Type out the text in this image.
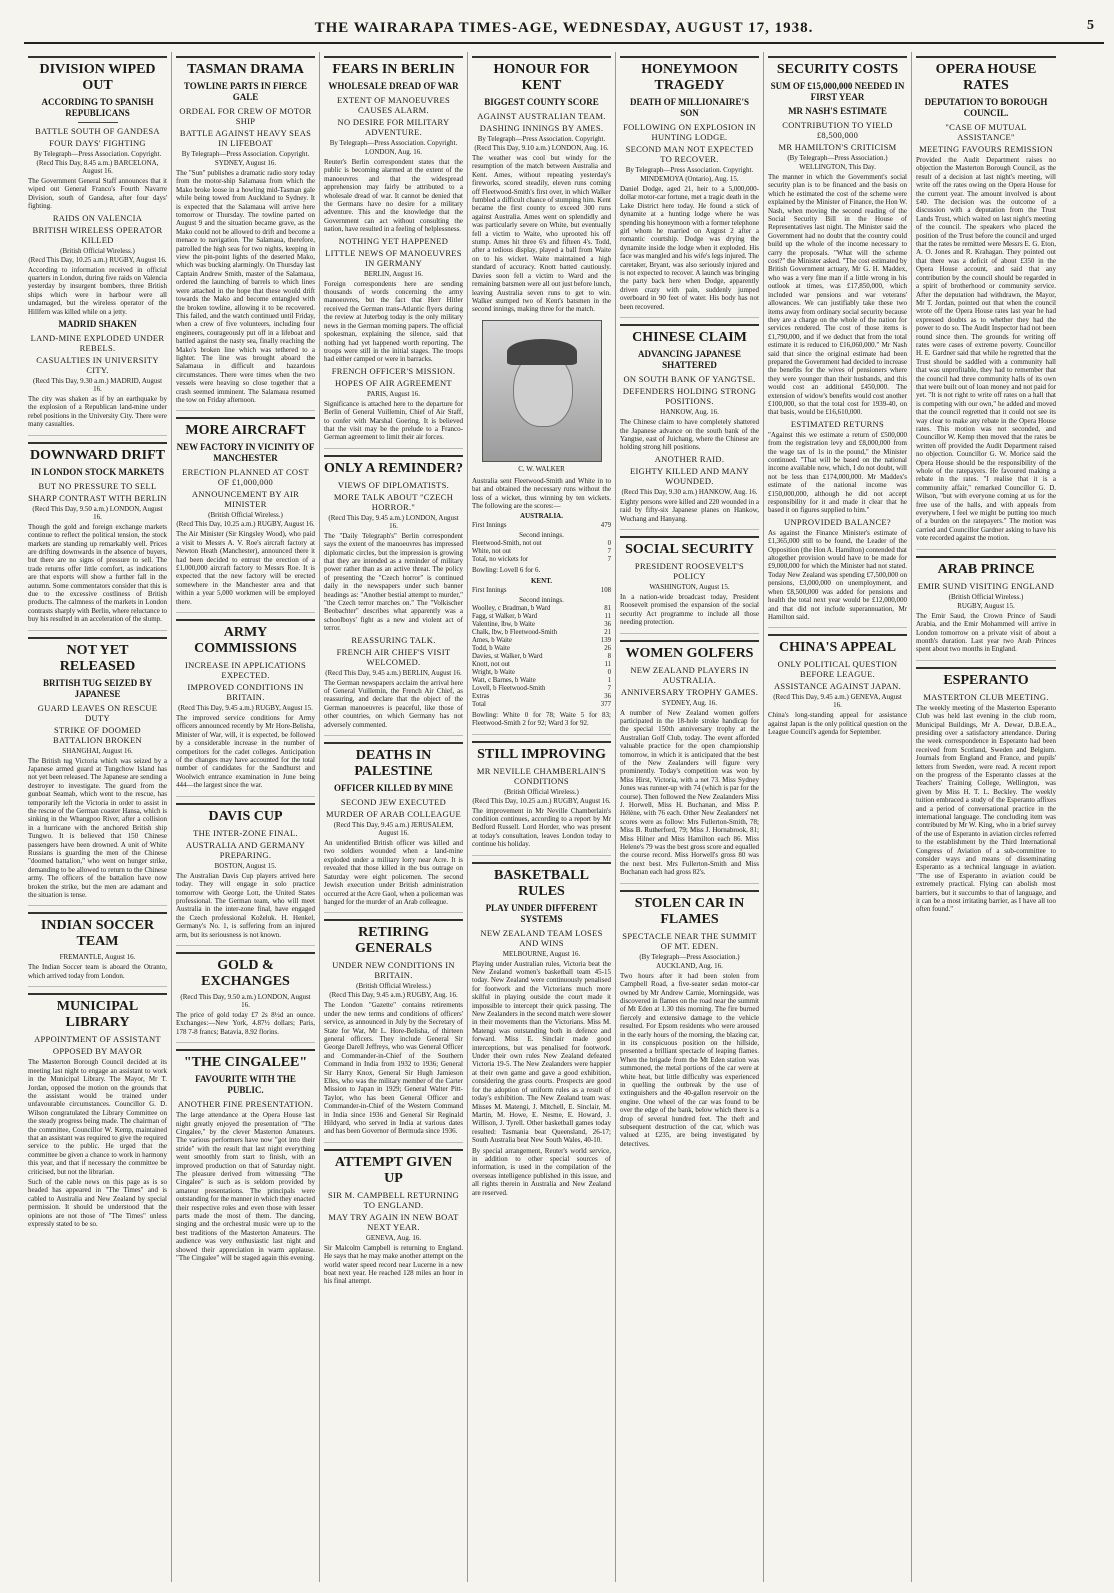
THE WAIRARAPA TIMES-AGE, WEDNESDAY, AUGUST 17, 1938.	5
DIVISION WIPED OUT
ACCORDING TO SPANISH REPUBLICANS
BATTLE SOUTH OF GANDESA
FOUR DAYS' FIGHTING
By Telegraph—Press Association. Copyright.
(Recd This Day, 8.45 a.m.) BARCELONA, August 16.
The Government General Staff announces that it wiped out General Franco's Fourth Navarre Division, south of Gandesa, after four days' fighting.
RAIDS ON VALENCIA
BRITISH WIRELESS OPERATOR KILLED
(British Official Wireless.)
(Recd This Day, 10.25 a.m.) RUGBY, August 16.
According to information received in official quarters in London, during five raids on Valencia yesterday by insurgent bombers, three British ships which were in harbour were all undamaged, but the wireless operator of the Hillfern was killed while on a jetty.
MADRID SHAKEN
LAND-MINE EXPLODED UNDER REBELS.
CASUALTIES IN UNIVERSITY CITY.
(Recd This Day, 9.30 a.m.) MADRID, August 16.
The city was shaken as if by an earthquake by the explosion of a Republican land-mine under rebel positions in the University City. There were many casualties.
DOWNWARD DRIFT
IN LONDON STOCK MARKETS
BUT NO PRESSURE TO SELL
SHARP CONTRAST WITH BERLIN
(Recd This Day, 9.50 a.m.) LONDON, August 16.
Though the gold and foreign exchange markets continue to reflect the political tension, the stock markets are standing up remarkably well. Prices are drifting downwards in the absence of buyers, but there are no signs of pressure to sell. The trade returns offer little comfort, as indications are that exports will show a further fall in the autumn. Some commentators consider that this is due to the excessive costliness of British products. The calmness of the markets in London contrasts sharply with Berlin, where reluctance to buy his resulted in an acceleration of the slump.
NOT YET RELEASED
BRITISH TUG SEIZED BY JAPANESE
GUARD LEAVES ON RESCUE DUTY
STRIKE OF DOOMED BATTALION BROKEN
SHANGHAI, August 16.
The British tug Victoria which was seized by a Japanese armed guard at Tungchow Island has not yet been released. The Japanese are sending a destroyer to investigate. The guard from the gunboat Seamab, which went to the rescue, has temporarily left the Victoria in order to assist in the rescue of the German coaster Hansa, which is sinking in the Whangpoo River, after a collision in a hurricane with the anchored British ship Tungwo. It is believed that 150 Chinese passengers have been drowned. A unit of White Russians is guarding the men of the Chinese "doomed battalion," who went on hunger strike, demanding to be allowed to return to the Chinese army. The officers of the battalion have now broken the strike, but the men are adamant and the situation is tense.
INDIAN SOCCER TEAM
FREMANTLE, August 16.
The Indian Soccer team is aboard the Otranto, which arrived today from London.
MUNICIPAL LIBRARY
APPOINTMENT OF ASSISTANT
OPPOSED BY MAYOR
The Masterton Borough Council decided at its meeting last night to engage an assistant to work in the Municipal Library. The Mayor, Mr T. Jordan, opposed the motion on the grounds that the assistant would be trained under unfavourable circumstances. Councillor G. D. Wilson congratulated the Library Committee on the steady progress being made. The chairman of the committee, Councillor W. Kemp, maintained that an assistant was required to give the required service to the public. He urged that the committee be given a chance to work in harmony this year, and that if necessary the committee be criticised, but not the librarian.
Such of the cable news on this page as is so headed has appeared in "The Times" and is cabled to Australia and New Zealand by special permission. It should be understood that the opinions are not those of "The Times" unless expressly stated to be so.
TASMAN DRAMA
TOWLINE PARTS IN FIERCE GALE
ORDEAL FOR CREW OF MOTOR SHIP
BATTLE AGAINST HEAVY SEAS IN LIFEBOAT
By Telegraph—Press Association. Copyright.
SYDNEY, August 16.
The "Sun" publishes a dramatic radio story today from the motor-ship Salamaua from which the Mako broke loose in a howling mid-Tasman gale while being towed from Auckland to Sydney. It is expected that the Salamaua will arrive here tomorrow or Thursday. The towline parted on August 9 and the situation became grave, as the Mako could not be allowed to drift and become a menace to navigation. The Salamaua, therefore, patrolled the high seas for two nights, keeping in view the pin-point lights of the deserted Mako, which was bucking alarmingly. On Thursday last Captain Andrew Smith, master of the Salamaua, ordered the launching of barrels to which lines were attached in the hope that these would drift towards the Mako and become entangled with the broken towline, allowing it to be recovered. This failed, and the watch continued until Friday, when a crew of five volunteers, including four engineers, courageously put off in a lifeboat and battled against the nasty sea, finally reaching the Mako's broken line which was tethered to a lighter. The line was brought aboard the Salamaua in difficult and hazardous circumstances. There were times when the two vessels were heaving so close together that a crash seemed imminent. The Salamaua resumed the tow on Friday afternoon.
MORE AIRCRAFT
NEW FACTORY IN VICINITY OF MANCHESTER
ERECTION PLANNED AT COST OF £1,000,000
ANNOUNCEMENT BY AIR MINISTER
(British Official Wireless.)
(Recd This Day, 10.25 a.m.) RUGBY, August 16.
The Air Minister (Sir Kingsley Wood), who paid a visit to Messrs A. V. Roe's aircraft factory at Newton Heath (Manchester), announced there it had been decided to entrust the erection of a £1,000,000 aircraft factory to Messrs Roe. It is expected that the new factory will be erected somewhere in the Manchester area and that within a year 5,000 workmen will be employed there.
ARMY COMMISSIONS
INCREASE IN APPLICATIONS EXPECTED.
IMPROVED CONDITIONS IN BRITAIN.
(Recd This Day, 9.45 a.m.) RUGBY, August 15.
The improved service conditions for Army officers announced recently by Mr Hore-Belisha, Minister of War, will, it is expected, be followed by a considerable increase in the number of competitors for the cadet colleges. Anticipation of the changes may have accounted for the total number of candidates for the Sandhurst and Woolwich entrance examination in June being 444—the largest since the war.
DAVIS CUP
THE INTER-ZONE FINAL.
AUSTRALIA AND GERMANY PREPARING.
BOSTON, August 15.
The Australian Davis Cup players arrived here today. They will engage in solo practice tomorrow with George Lott, the United States professional. The German team, who will meet Australia in the inter-zone final, have engaged the Czech professional Koželuk. H. Henkel, Germany's No. 1, is suffering from an injured arm, but its seriousness is not known.
GOLD & EXCHANGES
(Recd This Day, 9.50 a.m.) LONDON, August 16.
The price of gold today £7 2s 8½d an ounce. Exchanges:—New York, 4.87½ dollars; Paris, 178 7-8 francs; Batavia, 8.92 florins.
"THE CINGALEE"
FAVOURITE WITH THE PUBLIC.
ANOTHER FINE PRESENTATION.
The large attendance at the Opera House last night greatly enjoyed the presentation of "The Cingalee," by the clever Masterton Amateurs. The various performers have now "got into their stride" with the result that last night everything went smoothly from start to finish, with an improved production on that of Saturday night. The pleasure derived from witnessing "The Cingalee" is such as is seldom provided by amateur presentations. The principals were outstanding for the manner in which they enacted their respective roles and even those with lesser parts made the most of them. The dancing, singing and the orchestral music were up to the best traditions of the Masterton Amateurs. The audience was very enthusiastic last night and showed their appreciation in warm applause. "The Cingalee" will be staged again this evening.
FEARS IN BERLIN
WHOLESALE DREAD OF WAR
EXTENT OF MANOEUVRES CAUSES ALARM.
NO DESIRE FOR MILITARY ADVENTURE.
By Telegraph—Press Association. Copyright.
LONDON, Aug. 16.
Reuter's Berlin correspondent states that the public is becoming alarmed at the extent of the manoeuvres and that the widespread apprehension may fairly be attributed to a wholesale dread of war. It cannot be denied that the Germans have no desire for a military adventure. This and the knowledge that the Government can act without consulting the nation, have resulted in a feeling of helplessness.
NOTHING YET HAPPENED
LITTLE NEWS OF MANOEUVRES IN GERMANY
BERLIN, August 16.
Foreign correspondents here are sending thousands of words concerning the army manoeuvres, but the fact that Herr Hitler received the German trans-Atlantic flyers during the review at Juterbog today is the only military news in the German morning papers. The official spokesman, explaining the silence, said that nothing had yet happened worth reporting. The troops were still in the initial stages. The troops had either camped or were in barracks.
FRENCH OFFICER'S MISSION.
HOPES OF AIR AGREEMENT
PARIS, August 16.
Significance is attached here to the departure for Berlin of General Vuillemin, Chief of Air Staff, to confer with Marshal Goering. It is believed that the visit may be the prelude to a Franco-German agreement to limit their air forces.
ONLY A REMINDER?
VIEWS OF DIPLOMATISTS.
MORE TALK ABOUT "CZECH HORROR."
(Recd This Day, 9.45 a.m.) LONDON, August 16.
The "Daily Telegraph's" Berlin correspondent says the extent of the manoeuvres has impressed diplomatic circles, but the impression is growing that they are intended as a reminder of military power rather than as an active threat. The policy of presenting the "Czech horror" is continued daily in the newspapers under such banner headings as: "Another bestial attempt to murder," "the Czech terror marches on." The "Volkischer Beobachter" describes what apparently was a schoolboys' fight as a new and violent act of terror.
REASSURING TALK.
FRENCH AIR CHIEF'S VISIT WELCOMED.
(Recd This Day, 9.45 a.m.) BERLIN, August 16.
The German newspapers acclaim the arrival here of General Vuillemin, the French Air Chief, as reassuring, and declare that the object of the German manoeuvres is peaceful, like those of other countries, on which Germany has not adversely commented.
DEATHS IN PALESTINE
OFFICER KILLED BY MINE
SECOND JEW EXECUTED
MURDER OF ARAB COLLEAGUE
(Recd This Day, 9.45 a.m.) JERUSALEM, August 16.
An unidentified British officer was killed and two soldiers wounded when a land-mine exploded under a military lorry near Acre. It is revealed that those killed in the bus outrage on Saturday were eight policemen. The second Jewish execution under British administration occurred at the Acre Gaol, when a policeman was hanged for the murder of an Arab colleague.
RETIRING GENERALS
UNDER NEW CONDITIONS IN BRITAIN.
(British Official Wireless.)
(Recd This Day, 9.45 a.m.) RUGBY, Aug. 16.
The London "Gazette" contains retirements under the new terms and conditions of officers' service, as announced in July by the Secretary of State for War, Mr L. Hore-Belisha, of thirteen general officers. They include General Sir George Darell Jeffreys, who was General Officer and Commander-in-Chief of the Southern Command in India from 1932 to 1936; General Sir Harry Knox, General Sir Hugh Jamieson Elles, who was the military member of the Carter Mission to Japan in 1929; General Walter Pitt-Taylor, who has been General Officer and Commander-in-Chief of the Western Command in India since 1936 and General Sir Reginald Hildyard, who served in India at various dates and has been Governor of Bermuda since 1936.
ATTEMPT GIVEN UP
SIR M. CAMPBELL RETURNING TO ENGLAND.
MAY TRY AGAIN IN NEW BOAT NEXT YEAR.
GENEVA, Aug. 16.
Sir Malcolm Campbell is returning to England. He says that he may make another attempt on the world water speed record near Lucerne in a new boat next year. He reached 128 miles an hour in his final attempt.
HONOUR FOR KENT
BIGGEST COUNTY SCORE
AGAINST AUSTRALIAN TEAM.
DASHING INNINGS BY AMES.
By Telegraph—Press Association. Copyright.
(Recd This Day, 9.10 a.m.) LONDON, Aug. 16.
The weather was cool but windy for the resumption of the match between Australia and Kent. Ames, without repeating yesterday's fireworks, scored steadily, eleven runs coming off Fleetwood-Smith's first over, in which Walker fumbled a difficult chance of stumping him. Kent became the first county to exceed 300 runs against Australia. Ames went on splendidly and was particularly severe on White, but eventually fell a victim to Waite, who uprooted his off stump. Ames hit three 6's and fifteen 4's. Todd, after a tedious display, played a ball from Waite on to his wicket. Waite maintained a high standard of accuracy. Knott batted cautiously. Davies soon fell a victim to Ward and the remaining batsmen were all out just before lunch, leaving Australia seven runs to get to win. Walker stumped two of Kent's batsmen in the second innings, making three for the match.
C. W. WALKER
Australia sent Fleetwood-Smith and White in to bat and obtained the necessary runs without the loss of a wicket, thus winning by ten wickets. The following are the scores:—
AUSTRALIA.
First Innings	479
Second innings.
Fleetwood-Smith, not out	0
White, not out	7
Total, no wickets for	7
Bowling: Lovell 6 for 6.
KENT.
First Innings	108
Second innings.
Woolley, c Bradman, b Ward	81
Fagg, st Walker, b Ward	11
Valentine, lbw, b Waite	36
Chalk, lbw, b Fleetwood-Smith	21
Ames, b Waite	139
Todd, b Waite	26
Davies, st Walker, b Ward	8
Knott, not out	11
Wright, b Waite	0
Watt, c Barnes, b Waite	1
Lovell, b Fleetwood-Smith	7
Extras	36
Total	377
Bowling: White 0 for 78; Waite 5 for 83; Fleetwood-Smith 2 for 92; Ward 3 for 92.
STILL IMPROVING
MR NEVILLE CHAMBERLAIN'S CONDITIONS
(British Official Wireless.)
(Recd This Day, 10.25 a.m.) RUGBY, August 16.
The improvement in Mr Neville Chamberlain's condition continues, according to a report by Mr Bedford Russell. Lord Horder, who was present at today's consultation, leaves London today to continue his holiday.
BASKETBALL RULES
PLAY UNDER DIFFERENT SYSTEMS
NEW ZEALAND TEAM LOSES AND WINS
MELBOURNE, August 16.
Playing under Australian rules, Victoria beat the New Zealand women's basketball team 45-15 today. New Zealand were continuously penalised for footwork and the Victorians much more skilful in playing outside the court made it impossible to intercept their quick passing. The New Zealanders in the second match were slower in their movements than the Victorians. Miss M. Matengi was outstanding both in defence and forward. Miss E. Sinclair made good interceptions, but was penalised for footwork. Under their own rules New Zealand defeated Victoria 19-5. The New Zealanders were happier at their own game and gave a good exhibition, considering the grass courts. Prospects are good for the adoption of uniform rules as a result of today's exhibition. The New Zealand team was: Misses M. Matengi, J. Mitchell, E. Sinclair, M. Martin, M. Howe, E. Nesme, E. Howard, J. Willison, J. Tyrell. Other basketball games today resulted: Tasmania beat Queensland, 26-17; South Australia beat New South Wales, 40-10.
By special arrangement, Reuter's world service, in addition to other special sources of information, is used in the compilation of the overseas intelligence published in this issue, and all rights therein in Australia and New Zealand are reserved.
HONEYMOON TRAGEDY
DEATH OF MILLIONAIRE'S SON
FOLLOWING ON EXPLOSION IN HUNTING LODGE.
SECOND MAN NOT EXPECTED TO RECOVER.
By Telegraph—Press Association. Copyright.
MINDEMOYA (Ontario), Aug. 15.
Daniel Dodge, aged 21, heir to a 5,000,000-dollar motor-car fortune, met a tragic death in the Lake District here today. He found a stick of dynamite at a hunting lodge where he was spending his honeymoon with a former telephone girl whom he married on August 2 after a romantic courtship. Dodge was drying the dynamite inside the lodge when it exploded. His face was mangled and his wife's legs injured. The caretaker, Bryant, was also seriously injured and is not expected to recover. A launch was bringing the party back here when Dodge, apparently driven crazy with pain, suddenly jumped overboard in 90 feet of water. His body has not been recovered.
CHINESE CLAIM
ADVANCING JAPANESE SHATTERED
ON SOUTH BANK OF YANGTSE.
DEFENDERS HOLDING STRONG POSITIONS.
HANKOW, Aug. 16.
The Chinese claim to have completely shattered the Japanese advance on the south bank of the Yangtse, east of Juichang, where the Chinese are holding strong hill positions.
ANOTHER RAID.
EIGHTY KILLED AND MANY WOUNDED.
(Recd This Day, 9.30 a.m.) HANKOW, Aug. 16.
Eighty persons were killed and 220 wounded in a raid by fifty-six Japanese planes on Hankow, Wuchang and Hanyang.
SOCIAL SECURITY
PRESIDENT ROOSEVELT'S POLICY
WASHINGTON, August 15.
In a nation-wide broadcast today, President Roosevelt promised the expansion of the social security Act programme to include all those needing protection.
WOMEN GOLFERS
NEW ZEALAND PLAYERS IN AUSTRALIA.
ANNIVERSARY TROPHY GAMES.
SYDNEY, Aug. 16.
A number of New Zealand women golfers participated in the 18-hole stroke handicap for the special 150th anniversary trophy at the Australian Golf Club, today. The event afforded valuable practice for the open championship tomorrow, in which it is anticipated that the best of the New Zealanders will figure very prominently. Today's competition was won by Miss Hirst, Victoria, with a net 73. Miss Sydney Jones was runner-up with 74 (which is par for the course). Then followed the New Zealanders Miss J. Horwell, Miss H. Buchanan, and Miss P. Hélène, with 76 each. Other New Zealanders' net scores were as follow: Mrs Fullerton-Smith, 78; Miss B. Rutherford, 79; Miss J. Hornabrook, 81; Miss Hilner and Miss Hamilton each 86. Miss Helene's 79 was the best gross score and equalled the course record. Miss Horwell's gross 80 was the next best. Mrs Fullerton-Smith and Miss Buchanan each had gross 82's.
STOLEN CAR IN FLAMES
SPECTACLE NEAR THE SUMMIT OF MT. EDEN.
(By Telegraph—Press Association.)
AUCKLAND, Aug. 16.
Two hours after it had been stolen from Campbell Road, a five-seater sedan motor-car owned by Mr Andrew Carnie, Morningside, was discovered in flames on the road near the summit of Mt Eden at 1.30 this morning. The fire burned fiercely and extensive damage to the vehicle resulted. For Epsom residents who were aroused in the early hours of the morning, the blazing car, in its conspicuous position on the hillside, presented a brilliant spectacle of leaping flames. When the brigade from the Mt Eden station was summoned, the metal portions of the car were at white heat, but little difficulty was experienced in quelling the outbreak by the use of extinguishers and the 40-gallon reservoir on the engine. One wheel of the car was found to be over the edge of the bank, below which there is a drop of several hundred feet. The theft and subsequent destruction of the car, which was valued at £235, are being investigated by detectives.
SECURITY COSTS
SUM OF £15,000,000 NEEDED IN FIRST YEAR
MR NASH'S ESTIMATE
CONTRIBUTION TO YIELD £8,500,000
MR HAMILTON'S CRITICISM
(By Telegraph—Press Association.)
WELLINGTON, This Day.
The manner in which the Government's social security plan is to be financed and the basis on which he estimated the cost of the scheme were explained by the Minister of Finance, the Hon W. Nash, when moving the second reading of the Social Security Bill in the House of Representatives last night. The Minister said the Government had no doubt that the country could build up the whole of the income necessary to carry the proposals. "What will the scheme cost?" the Minister asked. "The cost estimated by British Government actuary, Mr G. H. Maddex, who was a very fine man if a little wrong in his outlook at times, was £17,850,000, which included war pensions and war veterans' allowances. We can justifiably take these two items away from ordinary social security because they are a charge on the whole of the nation for services rendered. The cost of those items is £1,790,000, and if we deduct that from the total estimate it is reduced to £16,060,000." Mr Nash said that since the original estimate had been prepared the Government had decided to increase the benefits for the wives of pensioners where they were younger than their husbands, and this would cost an additional £450,000. The extension of widow's benefits would cost another £100,000, so that the total cost for 1939-40, on that basis, would be £16,610,000.
ESTIMATED RETURNS
"Against this we estimate a return of £500,000 from the registration levy and £8,000,000 from the wage tax of 1s in the pound," the Minister continued. "That will be based on the national income available now, which, I do not doubt, will not be less than £174,000,000. Mr Maddex's estimate of the national income was £150,000,000, although he did not accept responsibility for it and made it clear that he based it on figures supplied to him."
UNPROVIDED BALANCE?
As against the Finance Minister's estimate of £1,365,000 still to be found, the Leader of the Opposition (the Hon A. Hamilton) contended that altogether provision would have to be made for £9,000,000 for which the Minister had not stated. Today New Zealand was spending £7,500,000 on pensions, £3,000,000 on unemployment, and when £8,500,000 was added for pensions and health the total next year would be £12,000,000 and that did not include superannuation, Mr Hamilton said.
CHINA'S APPEAL
ONLY POLITICAL QUESTION BEFORE LEAGUE.
ASSISTANCE AGAINST JAPAN.
(Recd This Day, 9.45 a.m.) GENEVA, August 16.
China's long-standing appeal for assistance against Japan is the only political question on the League Council's agenda for September.
OPERA HOUSE RATES
DEPUTATION TO BOROUGH COUNCIL.
"CASE OF MUTUAL ASSISTANCE"
MEETING FAVOURS REMISSION
Provided the Audit Department raises no objection the Masterton Borough Council, as the result of a decision at last night's meeting, will write off the rates owing on the Opera House for the current year. The amount involved is about £40. The decision was the outcome of a discussion with a deputation from the Trust Lands Trust, which waited on last night's meeting of the council. The speakers who placed the position of the Trust before the council and urged that the rates be remitted were Messrs E. G. Eton, A. O. Jones and R. Krahagan. They pointed out that there was a deficit of about £350 in the Opera House account, and said that any contribution by the council should be regarded in a spirit of brotherhood or community service. After the deputation had withdrawn, the Mayor, Mr T. Jordan, pointed out that when the council wrote off the Opera House rates last year he had expressed doubts as to whether they had the power to do so. The Audit Inspector had not been round since then. The grounds for writing off rates were cases of extreme poverty. Councillor H. E. Gardner said that while he regretted that the Trust should be saddled with a community hall that was unprofitable, they had to remember that the council had three community halls of its own that were built out of loan money and not paid for yet. "It is not right to write off rates on a hall that is competing with our own," he added and moved that the council regretted that it could not see its way clear to make any rebate in the Opera House rates. This motion was not seconded, and Councillor W. Kemp then moved that the rates be written off provided the Audit Department raised no objection. Councillor G. W. Morice said the Opera House should be the responsibility of the whole of the ratepayers. He favoured making a rebate in the rates. "I realise that it is a community affair," remarked Councillor G. D. Wilson, "but with everyone coming at us for the free use of the halls, and with appeals from everywhere, I feel we might be putting too much of a burden on the ratepayers." The motion was carried and Councillor Gardner asking to have his vote recorded against the motion.
ARAB PRINCE
EMIR SUND VISITING ENGLAND
(British Official Wireless.)
RUGBY, August 15.
The Emir Saud, the Crown Prince of Saudi Arabia, and the Emir Mohammed will arrive in London tomorrow on a private visit of about a month's duration. Last year two Arab Princes spent about two months in England.
ESPERANTO
MASTERTON CLUB MEETING.
The weekly meeting of the Masterton Esperanto Club was held last evening in the club room, Municipal Buildings, Mr A. Dewar, D.B.E.A., presiding over a satisfactory attendance. During the week correspondence in Esperanto had been received from Scotland, Sweden and Belgium. Journals from England and France, and pupils' letters from Sweden, were read. A recent report on the progress of the Esperanto classes at the Teachers' Training College, Wellington, was given by Miss H. T. L. Beckley. The weekly tuition embraced a study of the Esperanto affixes and a period of conversational practice in the international language. The concluding item was contributed by Mr W. King, who in a brief survey of the use of Esperanto in aviation circles referred to the establishment by the Third International Congress of Aviation of a sub-committee to consider ways and means of disseminating Esperanto as a technical language in aviation. "The use of Esperanto in aviation could be extremely practical. Flying can abolish most barriers, but it succumbs to that of language, and it can be a most irritating barrier, as I have all too often found."
